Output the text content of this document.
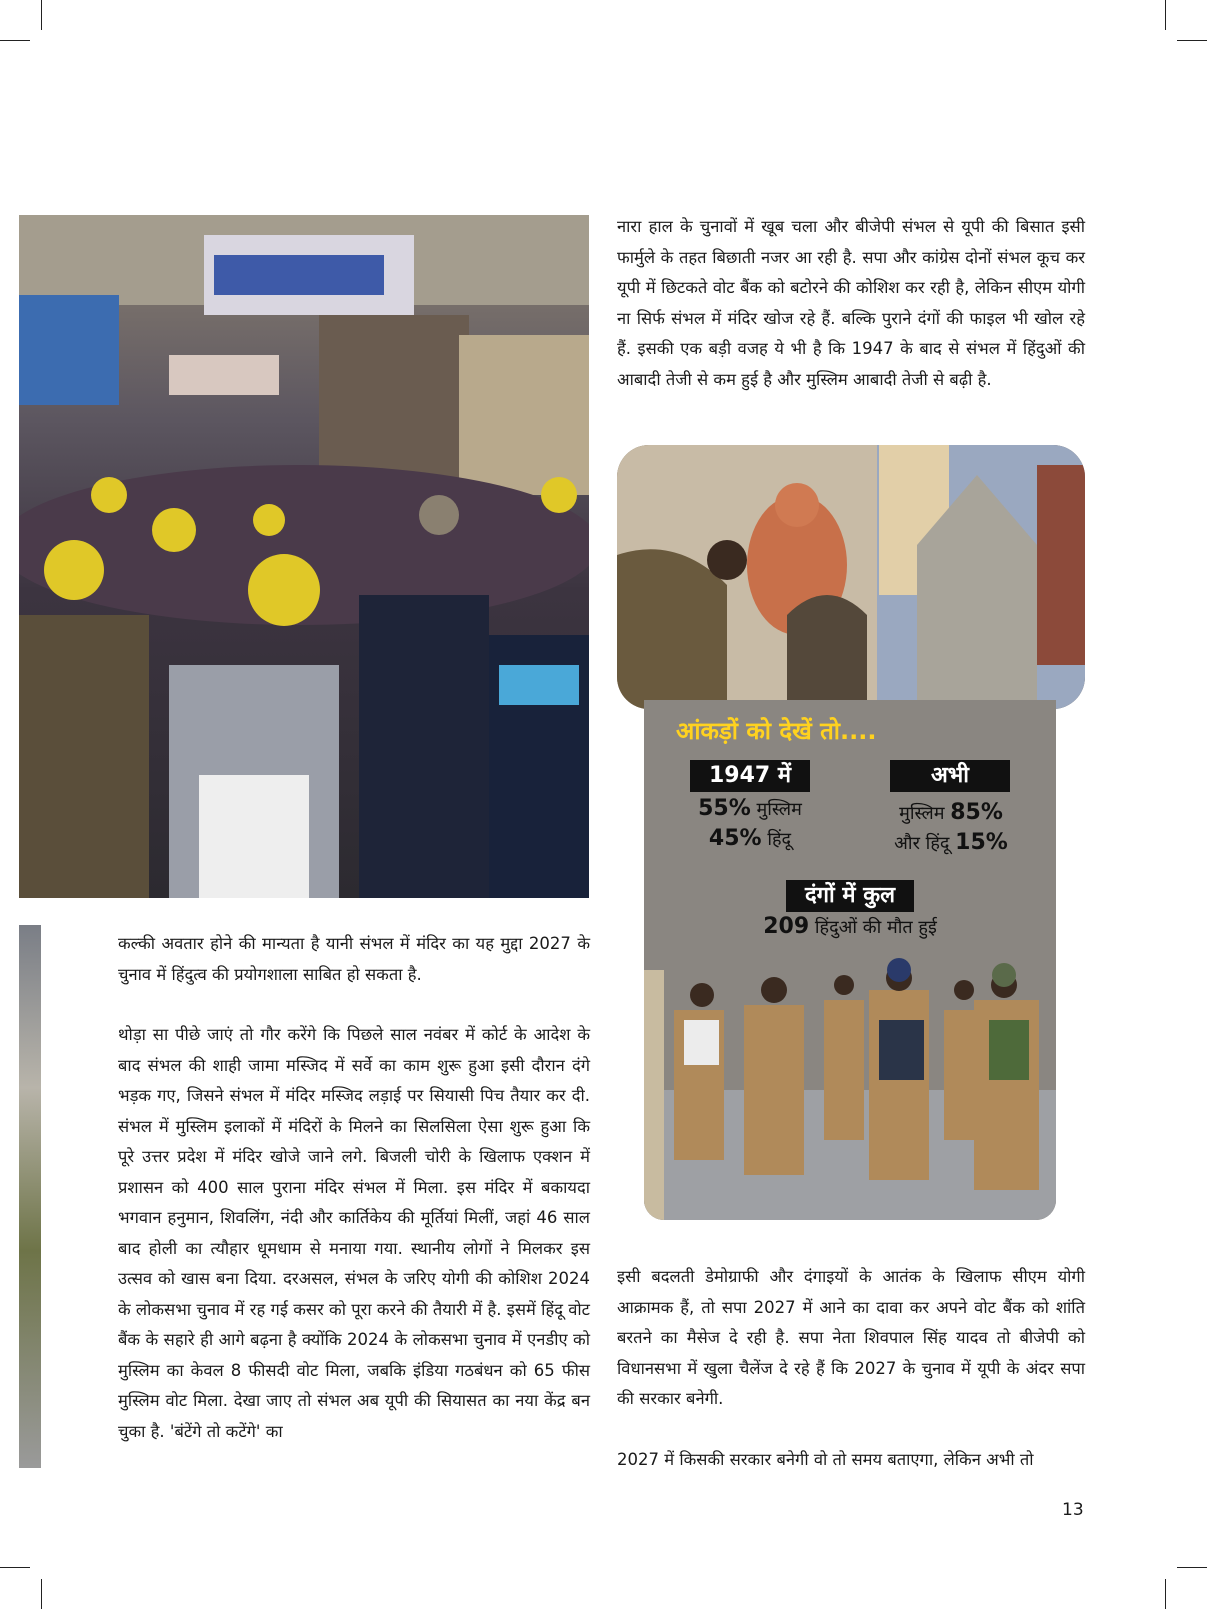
नारा हाल के चुनावों में खूब चला और बीजेपी संभल से यूपी की बिसात इसी फार्मुले के तहत बिछाती नजर आ रही है. सपा और कांग्रेस दोनों संभल कूच कर यूपी में छिटकते वोट बैंक को बटोरने की कोशिश कर रही है, लेकिन सीएम योगी ना सिर्फ संभल में मंदिर खोज रहे हैं. बल्कि पुराने दंगों की फाइल भी खोल रहे हैं. इसकी एक बड़ी वजह ये भी है कि 1947 के बाद से संभल में हिंदुओं की आबादी तेजी से कम हुई है और मुस्लिम आबादी तेजी से बढ़ी है.

आंकड़ों को देखें तो....
1947 में	अभी
55% मुस्लिम
45% हिंदू
मुस्लिम 85%
और हिंदू 15%
दंगों में कुल
209 हिंदुओं की मौत हुई

कल्की अवतार होने की मान्यता है यानी संभल में मंदिर का यह मुद्दा 2027 के चुनाव में हिंदुत्व की प्रयोगशाला साबित हो सकता है.

थोड़ा सा पीछे जाएं तो गौर करेंगे कि पिछले साल नवंबर में कोर्ट के आदेश के बाद संभल की शाही जामा मस्जिद में सर्वे का काम शुरू हुआ इसी दौरान दंगे भड़क गए, जिसने संभल में मंदिर मस्जिद लड़ाई पर सियासी पिच तैयार कर दी. संभल में मुस्लिम इलाकों में मंदिरों के मिलने का सिलसिला ऐसा शुरू हुआ कि पूरे उत्तर प्रदेश में मंदिर खोजे जाने लगे. बिजली चोरी के खिलाफ एक्शन में प्रशासन को 400 साल पुराना मंदिर संभल में मिला. इस मंदिर में बकायदा भगवान हनुमान, शिवलिंग, नंदी और कार्तिकेय की मूर्तियां मिलीं, जहां 46 साल बाद होली का त्यौहार धूमधाम से मनाया गया. स्थानीय लोगों ने मिलकर इस उत्सव को खास बना दिया. दरअसल, संभल के जरिए योगी की कोशिश 2024 के लोकसभा चुनाव में रह गई कसर को पूरा करने की तैयारी में है. इसमें हिंदू वोट बैंक के सहारे ही आगे बढ़ना है क्योंकि 2024 के लोकसभा चुनाव में एनडीए को मुस्लिम का केवल 8 फीसदी वोट मिला, जबकि इंडिया गठबंधन को 65 फीस मुस्लिम वोट मिला. देखा जाए तो संभल अब यूपी की सियासत का नया केंद्र बन चुका है. 'बंटेंगे तो कटेंगे' का

इसी बदलती डेमोग्राफी और दंगाइयों के आतंक के खिलाफ सीएम योगी आक्रामक हैं, तो सपा 2027 में आने का दावा कर अपने वोट बैंक को शांति बरतने का मैसेज दे रही है. सपा नेता शिवपाल सिंह यादव तो बीजेपी को विधानसभा में खुला चैलेंज दे रहे हैं कि 2027 के चुनाव में यूपी के अंदर सपा की सरकार बनेगी.

2027 में किसकी सरकार बनेगी वो तो समय बताएगा, लेकिन अभी तो

13
